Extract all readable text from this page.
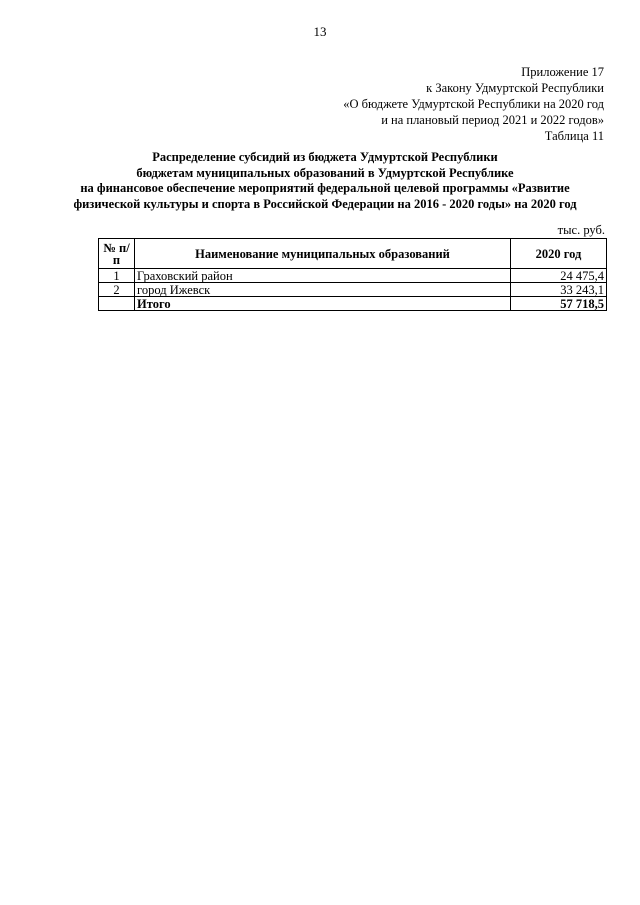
13
Приложение 17
к Закону Удмуртской Республики
«О бюджете Удмуртской Республики на 2020 год
и на плановый период 2021 и 2022 годов»
Таблица 11
Распределение субсидий из бюджета Удмуртской Республики
бюджетам муниципальных образований в Удмуртской Республике
на финансовое обеспечение мероприятий федеральной целевой программы «Развитие
физической культуры и спорта в Российской Федерации на 2016 - 2020 годы» на 2020 год
тыс. руб.
№ п/п	Наименование муниципальных образований	2020 год
1	Граховский район	24 475,4
2	город Ижевск	33 243,1
	Итого	57 718,5
